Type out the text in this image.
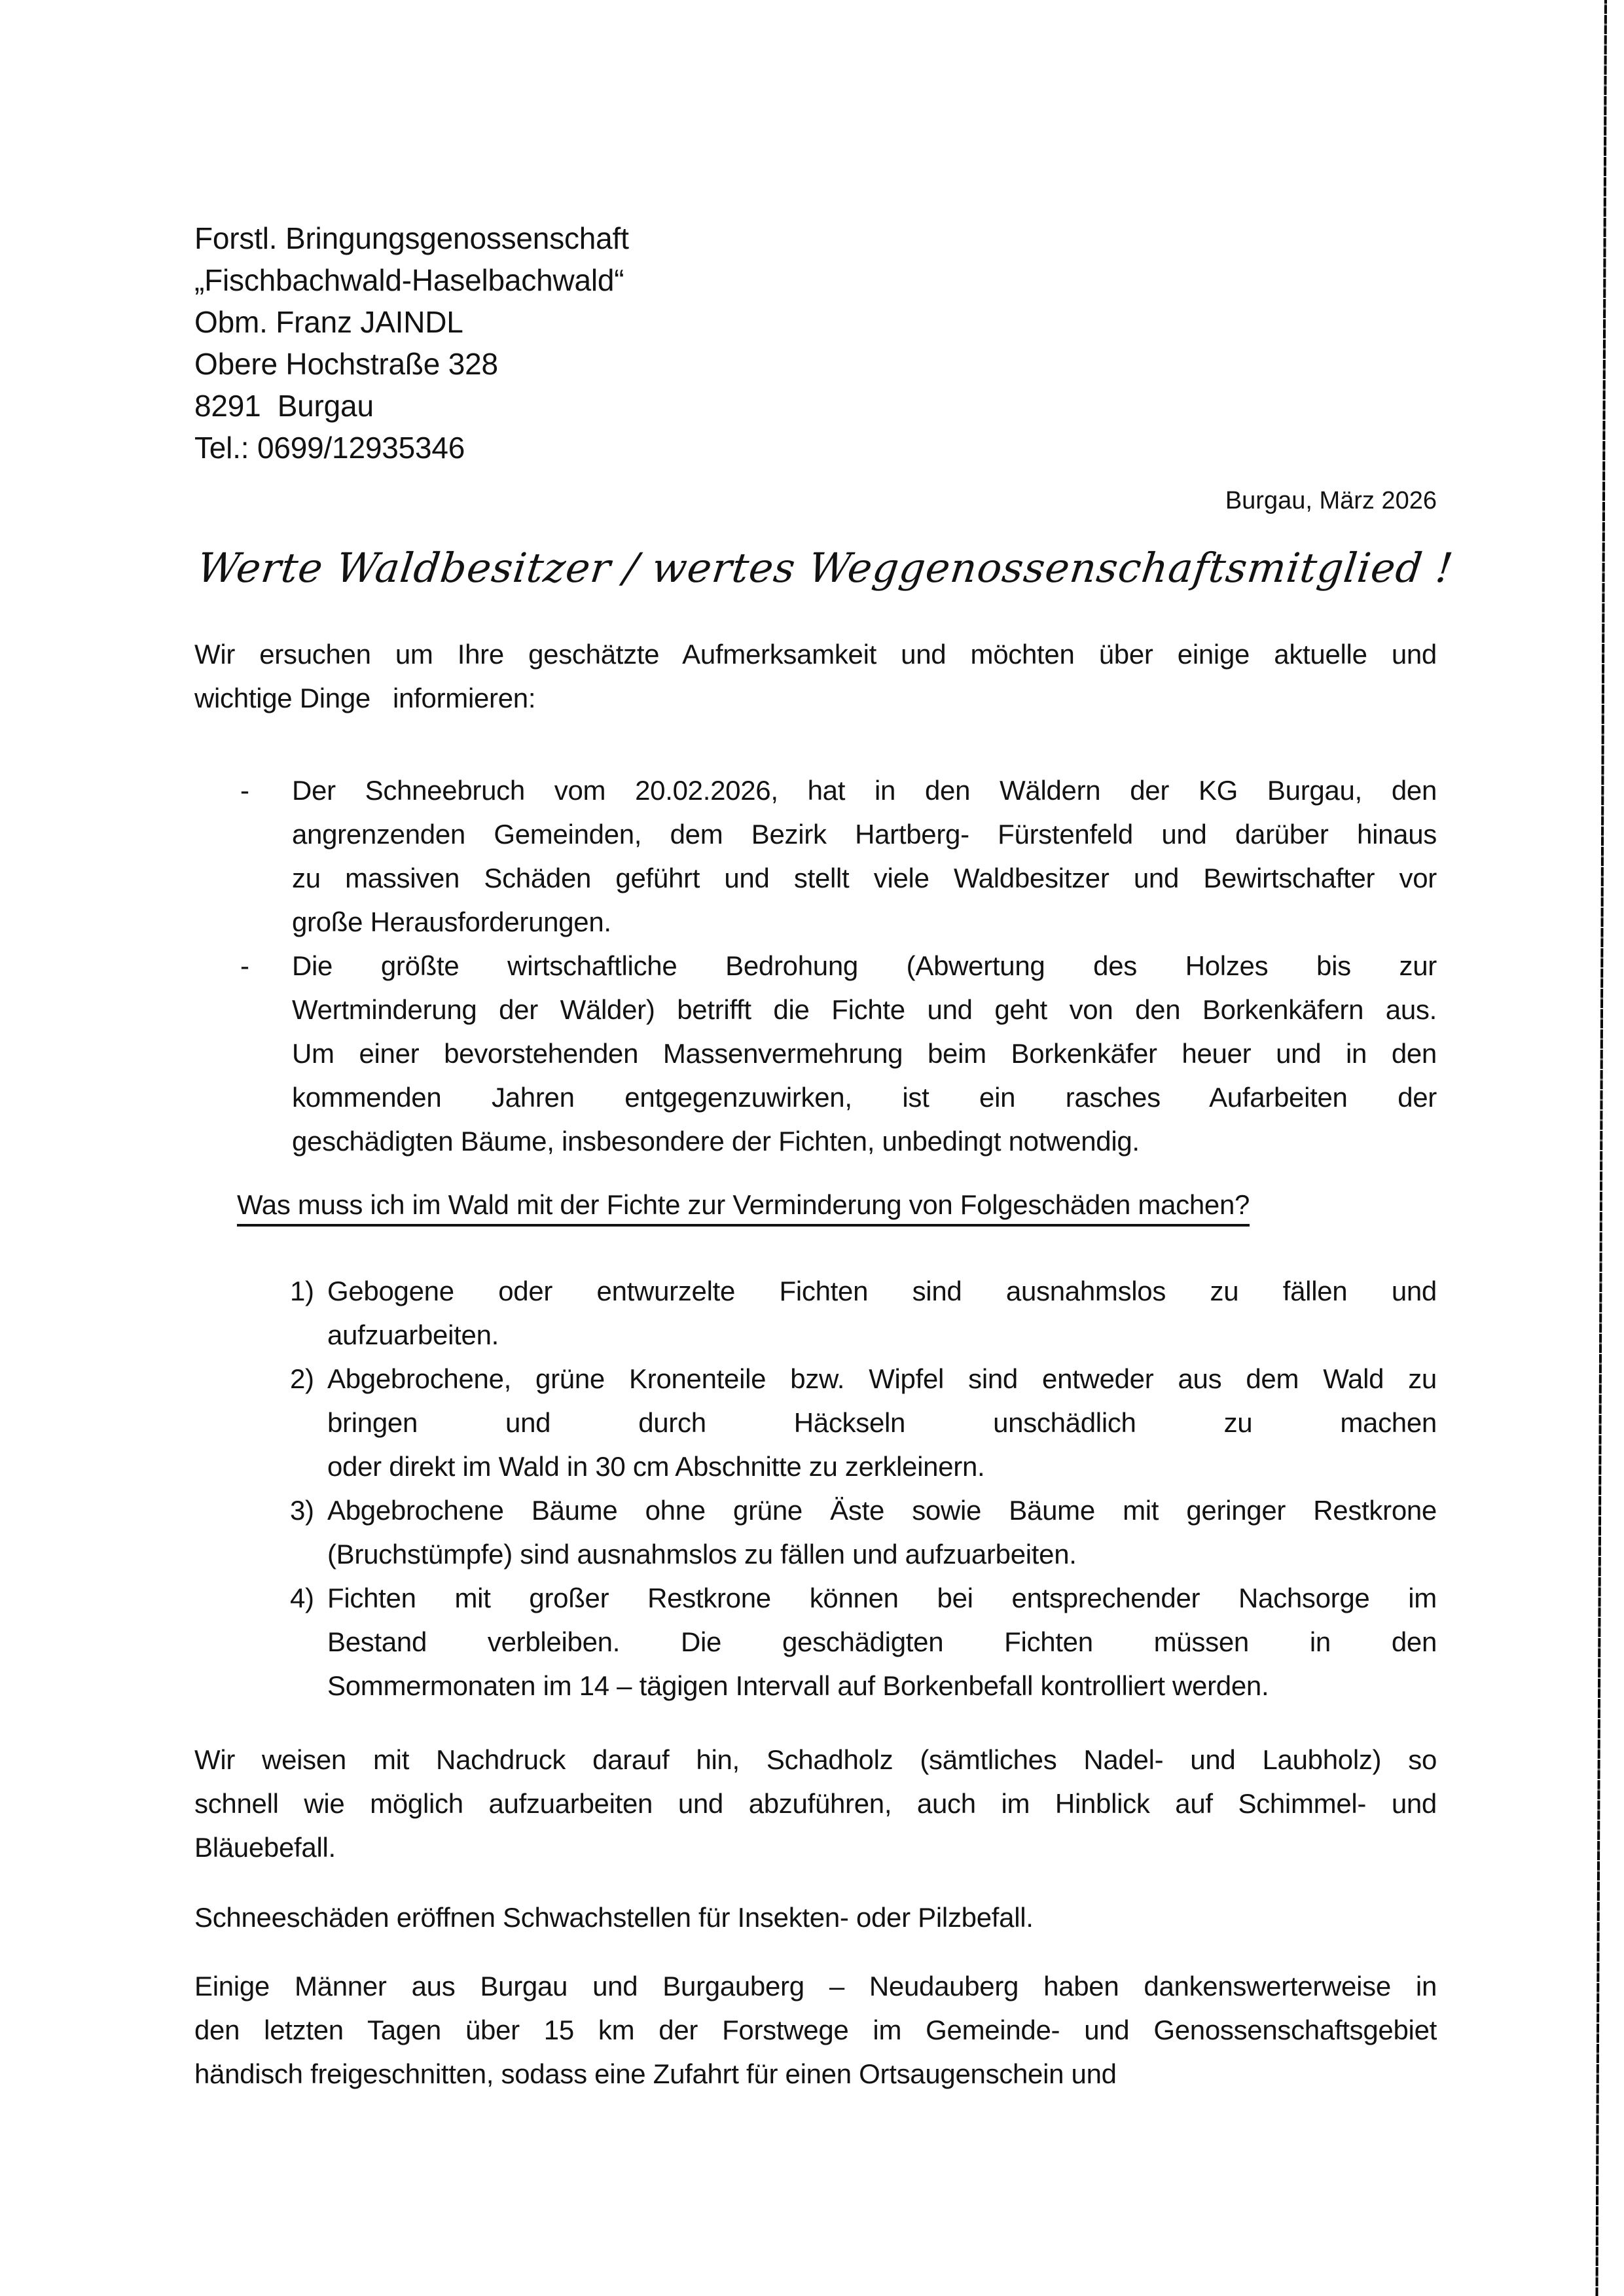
Forstl. Bringungsgenossenschaft
„Fischbachwald-Haselbachwald“
Obm. Franz JAINDL
Obere Hochstraße 328
8291  Burgau
Tel.: 0699/12935346
Burgau, März 2026
Werte Waldbesitzer / wertes Weggenossenschaftsmitglied !
Wir ersuchen um Ihre geschätzte Aufmerksamkeit und möchten über einige aktuelle und
wichtige Dinge   informieren:
-	Der Schneebruch vom 20.02.2026, hat in den Wäldern der KG Burgau, den
angrenzenden Gemeinden, dem Bezirk Hartberg- Fürstenfeld und darüber hinaus
zu massiven Schäden geführt und stellt viele Waldbesitzer und Bewirtschafter vor
große Herausforderungen.
-	Die größte wirtschaftliche Bedrohung (Abwertung des Holzes bis zur
Wertminderung der Wälder) betrifft die Fichte und geht von den Borkenkäfern aus.
Um einer bevorstehenden Massenvermehrung beim Borkenkäfer heuer und in den
kommenden Jahren entgegenzuwirken, ist ein rasches Aufarbeiten der
geschädigten Bäume, insbesondere der Fichten, unbedingt notwendig.
Was muss ich im Wald mit der Fichte zur Verminderung von Folgeschäden machen?
1) Gebogene oder entwurzelte Fichten sind ausnahmslos zu fällen und
aufzuarbeiten.
2) Abgebrochene, grüne Kronenteile bzw. Wipfel sind entweder aus dem Wald zu
bringen und durch Häckseln unschädlich zu machen
oder direkt im Wald in 30 cm Abschnitte zu zerkleinern.
3) Abgebrochene Bäume ohne grüne Äste sowie Bäume mit geringer Restkrone
(Bruchstümpfe) sind ausnahmslos zu fällen und aufzuarbeiten.
4) Fichten mit großer Restkrone können bei entsprechender Nachsorge im
Bestand verbleiben. Die geschädigten Fichten müssen in den
Sommermonaten im 14 – tägigen Intervall auf Borkenbefall kontrolliert werden.
Wir weisen mit Nachdruck darauf hin, Schadholz (sämtliches Nadel- und Laubholz) so
schnell wie möglich aufzuarbeiten und abzuführen, auch im Hinblick auf Schimmel- und
Bläuebefall.
Schneeschäden eröffnen Schwachstellen für Insekten- oder Pilzbefall.
Einige Männer aus Burgau und Burgauberg – Neudauberg haben dankenswerterweise in
den letzten Tagen über 15 km der Forstwege im Gemeinde- und Genossenschaftsgebiet
händisch freigeschnitten, sodass eine Zufahrt für einen Ortsaugenschein und
